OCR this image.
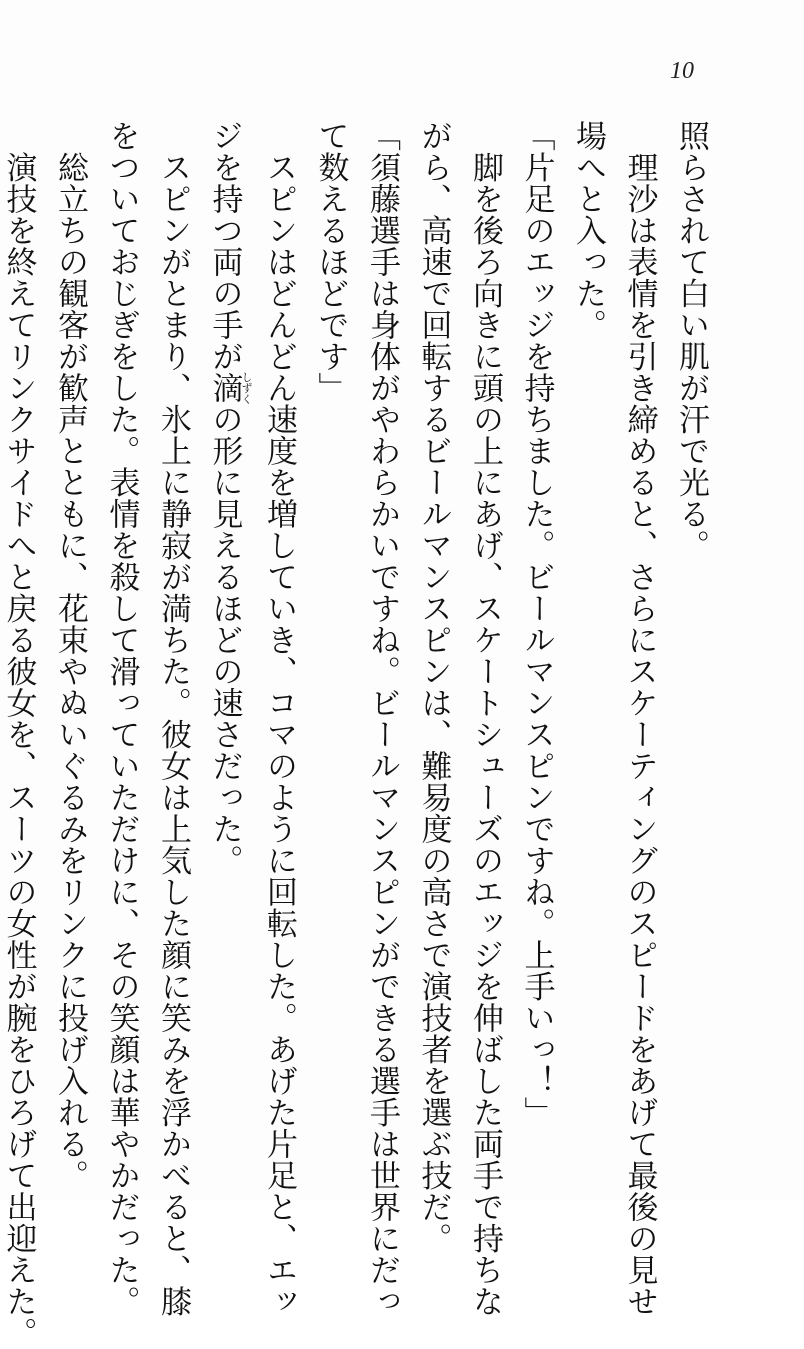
10
照らされて白い肌が汗で光る。
　理沙は表情を引き締めると、さらにスケーティングのスピードをあげて最後の見せ
場へと入った。
「片足のエッジを持ちました。ビールマンスピンですね。上手いっ！」
　脚を後ろ向きに頭の上にあげ、スケートシューズのエッジを伸ばした両手で持ちな
がら、高速で回転するビールマンスピンは、難易度の高さで演技者を選ぶ技だ。
「須藤選手は身体がやわらかいですね。ビールマンスピンができる選手は世界にだっ
て数えるほどです」
　スピンはどんどん速度を増していき、コマのように回転した。あげた片足と、エッ
ジを持つ両の手が滴しずくの形に見えるほどの速さだった。
　スピンがとまり、氷上に静寂が満ちた。彼女は上気した顔に笑みを浮かべると、膝
をついておじぎをした。表情を殺して滑っていただけに、その笑顔は華やかだった。
　総立ちの観客が歓声とともに、花束やぬいぐるみをリンクに投げ入れる。
　演技を終えてリンクサイドへと戻る彼女を、スーツの女性が腕をひろげて出迎えた。
